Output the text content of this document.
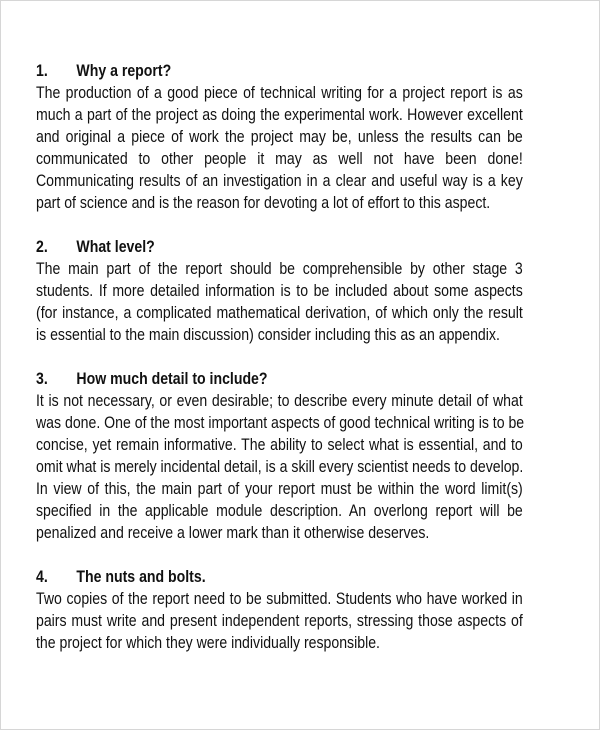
1.	Why a report?
The production of a good piece of technical writing for a project report is as
much a part of the project as doing the experimental work. However excellent
and original a piece of work the project may be, unless the results can be
communicated to other people it may as well not have been done!
Communicating results of an investigation in a clear and useful way is a key
part of science and is the reason for devoting a lot of effort to this aspect.
2.	What level?
The main part of the report should be comprehensible by other stage 3
students. If more detailed information is to be included about some aspects
(for instance, a complicated mathematical derivation, of which only the result
is essential to the main discussion) consider including this as an appendix.
3.	How much detail to include?
It is not necessary, or even desirable; to describe every minute detail of what
was done. One of the most important aspects of good technical writing is to be
concise, yet remain informative. The ability to select what is essential, and to
omit what is merely incidental detail, is a skill every scientist needs to develop.
In view of this, the main part of your report must be within the word limit(s)
specified in the applicable module description. An overlong report will be
penalized and receive a lower mark than it otherwise deserves.
4.	The nuts and bolts.
Two copies of the report need to be submitted. Students who have worked in
pairs must write and present independent reports, stressing those aspects of
the project for which they were individually responsible.
